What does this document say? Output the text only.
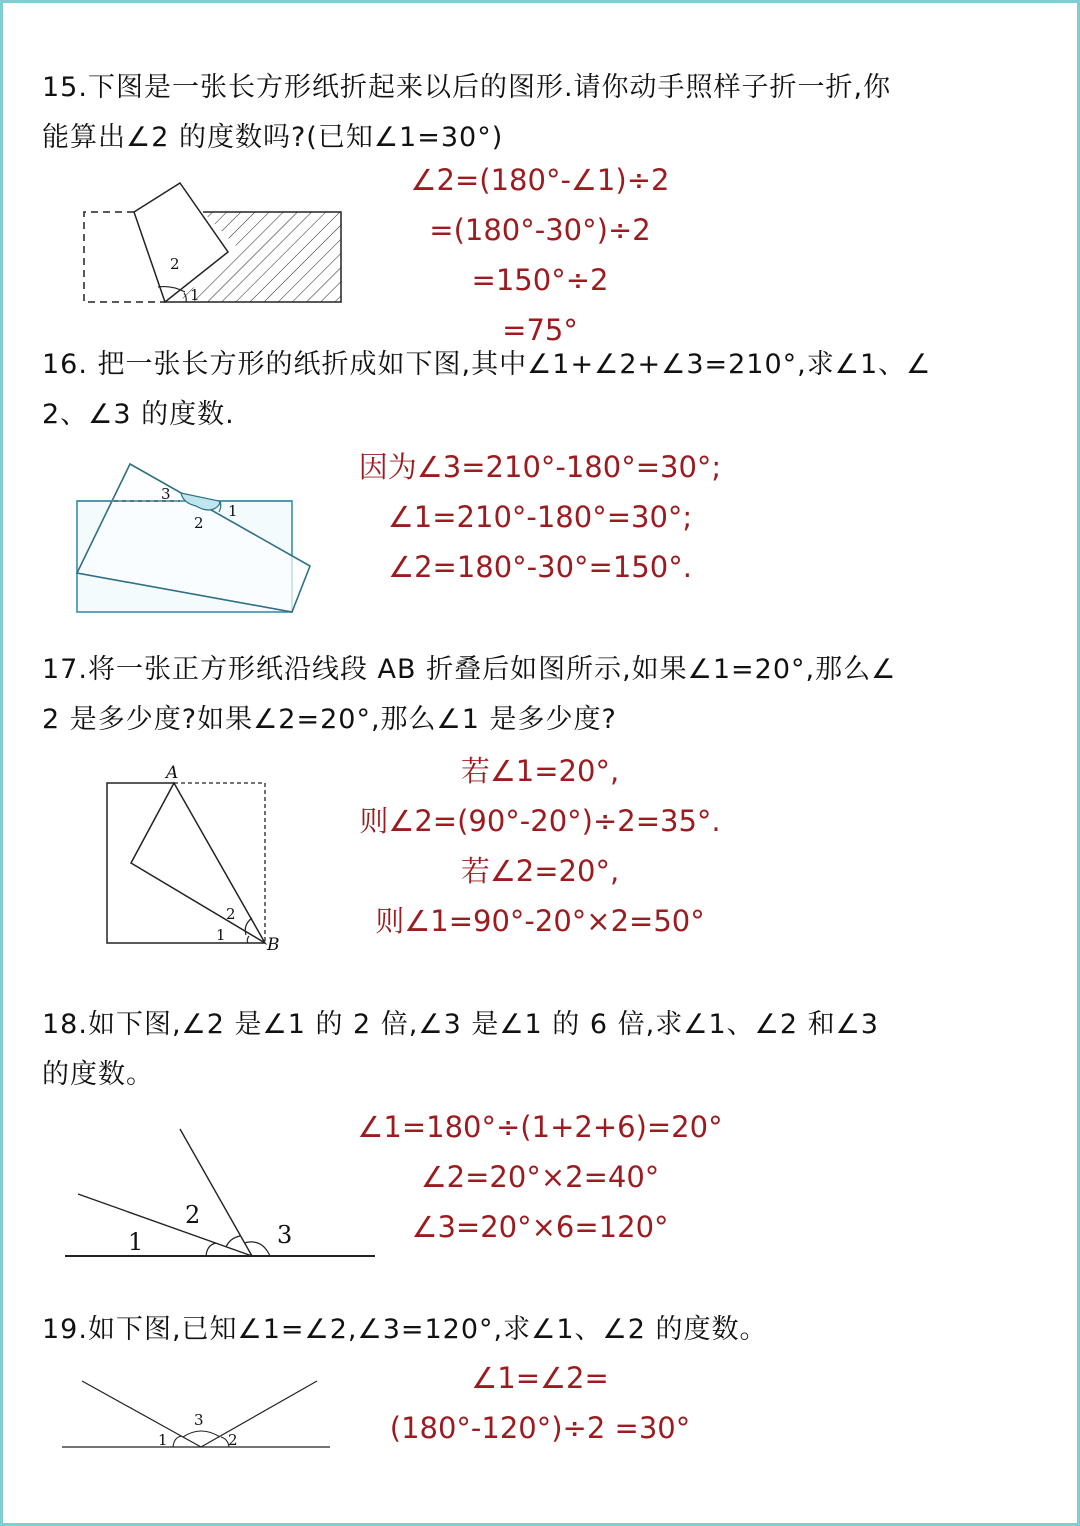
15.下图是一张长方形纸折起来以后的图形.请你动手照样子折一折,你
能算出∠2 的度数吗?(已知∠1=30°)
2
1
∠2=(180°-∠1)÷2
=(180°-30°)÷2
=150°÷2
=75°
16. 把一张长方形的纸折成如下图,其中∠1+∠2+∠3=210°,求∠1、∠
2、∠3 的度数.
3
2
1
因为∠3=210°-180°=30°;
∠1=210°-180°=30°;
∠2=180°-30°=150°.
17.将一张正方形纸沿线段 AB 折叠后如图所示,如果∠1=20°,那么∠
2 是多少度?如果∠2=20°,那么∠1 是多少度?
A
B
2
1
若∠1=20°,
则∠2=(90°-20°)÷2=35°.
若∠2=20°,
则∠1=90°-20°×2=50°
18.如下图,∠2 是∠1 的 2 倍,∠3 是∠1 的 6 倍,求∠1、∠2 和∠3
的度数。
1
2
3
∠1=180°÷(1+2+6)=20°
∠2=20°×2=40°
∠3=20°×6=120°
19.如下图,已知∠1=∠2,∠3=120°,求∠1、∠2 的度数。
3
1	2
∠1=∠2=
(180°-120°)÷2 =30°
